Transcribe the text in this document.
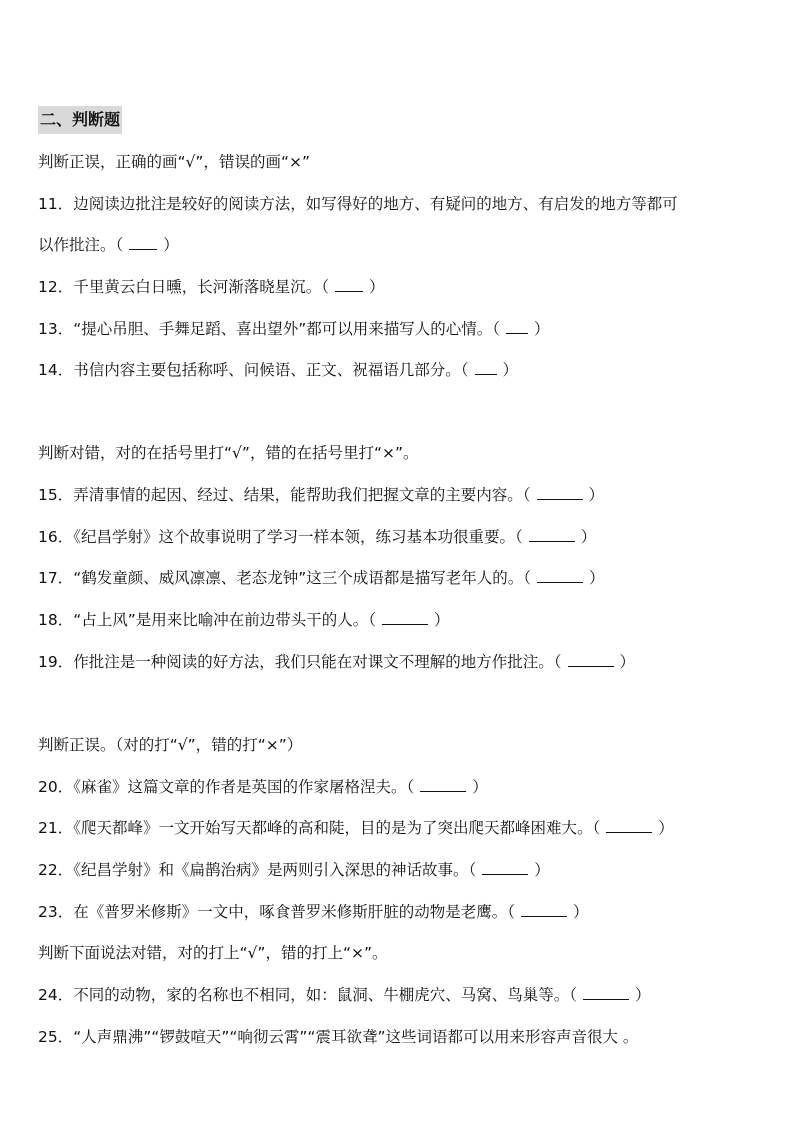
二、判断题
判断正误，正确的画“√”，错误的画“×”
11．边阅读边批注是较好的阅读方法，如写得好的地方、有疑问的地方、有启发的地方等都可
以作批注。（	）
12．千里黄云白日曛，长河渐落晓星沉。（	）
13．“提心吊胆、手舞足蹈、喜出望外”都可以用来描写人的心情。（ ）
14．书信内容主要包括称呼、问候语、正文、祝福语几部分。（ ）
判断对错，对的在括号里打“√”，错的在括号里打“×”。
15．弄清事情的起因、经过、结果，能帮助我们把握文章的主要内容。（	）
16．《纪昌学射》这个故事说明了学习一样本领，练习基本功很重要。（	）
17．“鹤发童颜、威风凛凛、老态龙钟”这三个成语都是描写老年人的。（	）
18．“占上风”是用来比喻冲在前边带头干的人。（	）
19．作批注是一种阅读的好方法，我们只能在对课文不理解的地方作批注。（	）
判断正误。（对的打“√”，错的打“×”）
20．《麻雀》这篇文章的作者是英国的作家屠格涅夫。（	）
21．《爬天都峰》一文开始写天都峰的高和陡，目的是为了突出爬天都峰困难大。（	）
22．《纪昌学射》和《扁鹊治病》是两则引入深思的神话故事。（	）
23．在《普罗米修斯》一文中，啄食普罗米修斯肝脏的动物是老鹰。（	）
判断下面说法对错，对的打上“√”，错的打上“×”。
24．不同的动物，家的名称也不相同，如：鼠洞、牛棚虎穴、马窝、鸟巢等。（	）
25．“人声鼎沸”“锣鼓喧天”“响彻云霄”“震耳欲聋”这些词语都可以用来形容声音很大 。
